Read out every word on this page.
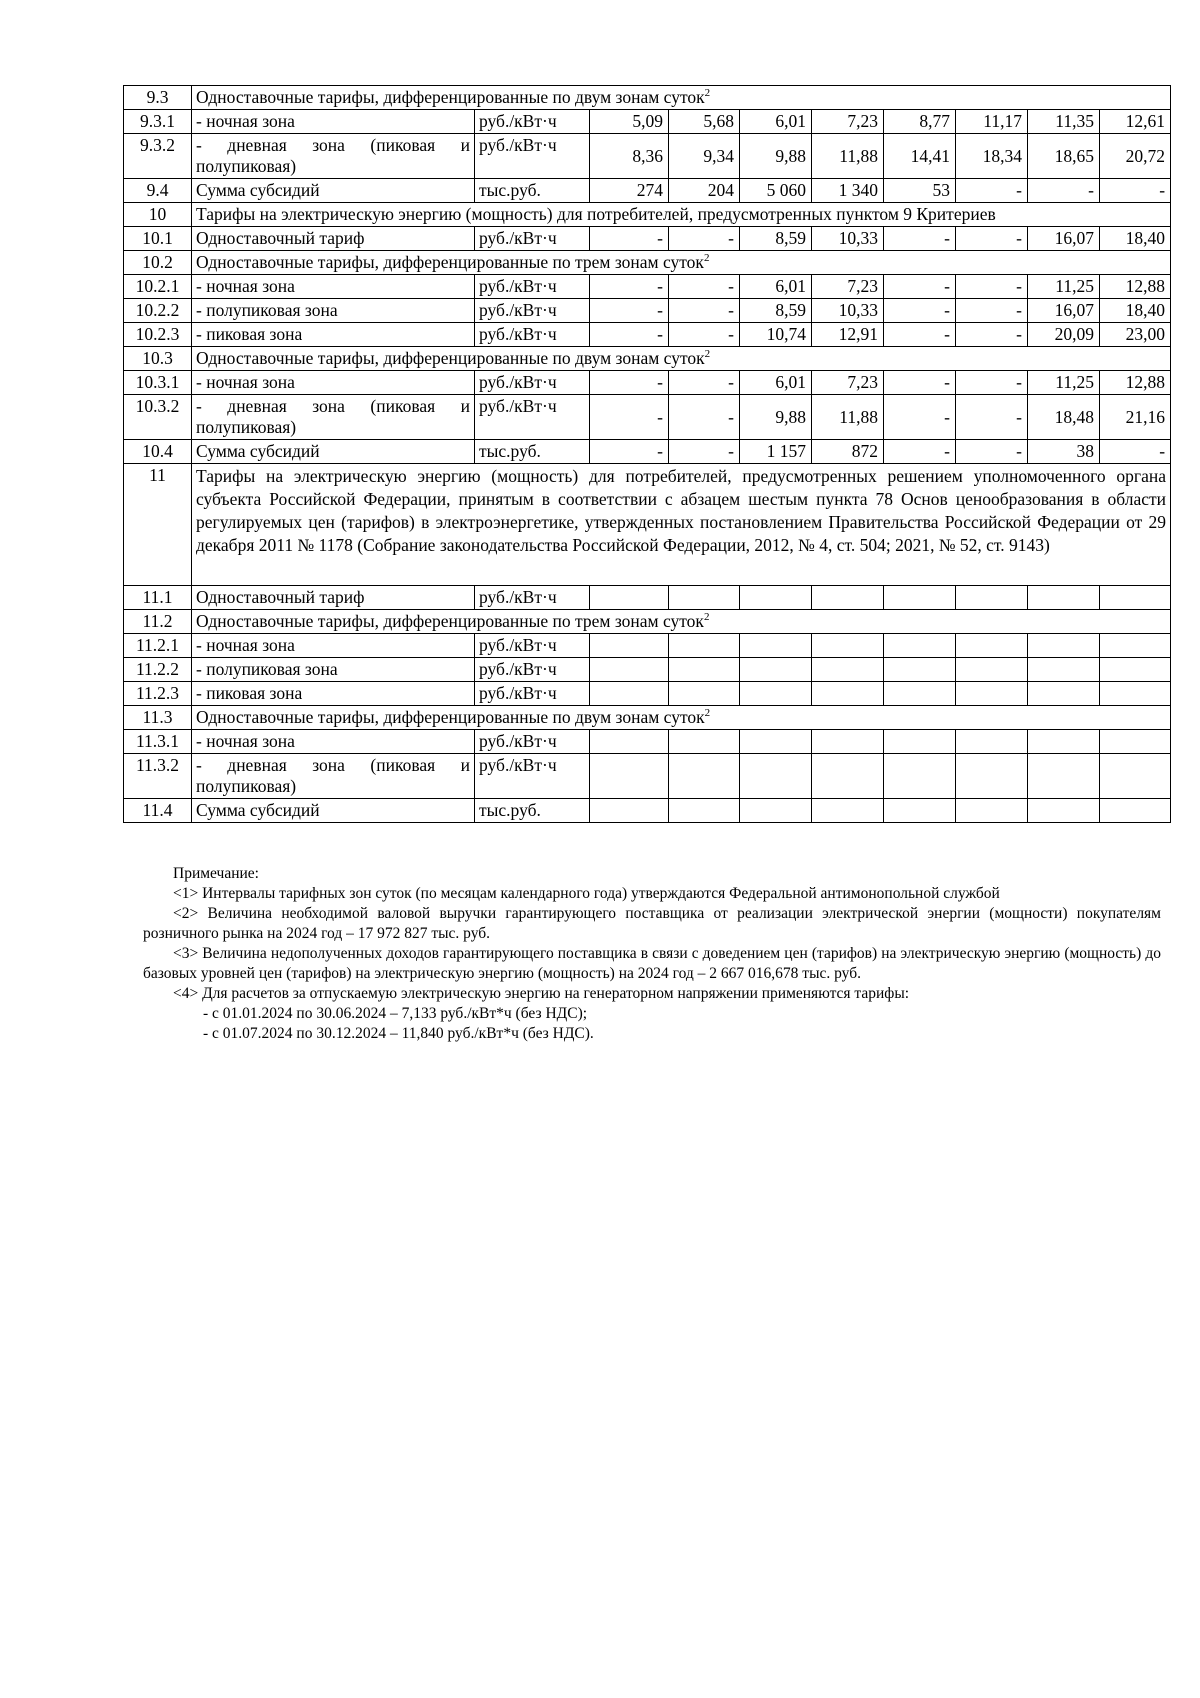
9.3	Одноставочные тарифы, дифференцированные по двум зонам суток$^2$
9.3.1	- ночная зона	руб./кВт·ч	5,09	5,68	6,01	7,23	8,77	11,17	11,35	12,61
9.3.2	- дневная зона (пиковая и полупиковая)	руб./кВт·ч	8,36	9,34	9,88	11,88	14,41	18,34	18,65	20,72
9.4	Сумма субсидий	тыс.руб.	274	204	5 060	1 340	53	-	-	-
10	Тарифы на электрическую энергию (мощность) для потребителей, предусмотренных пунктом 9 Критериев									
10.1	Одноставочный тариф	руб./кВт·ч	-	-	8,59	10,33	-	-	16,07	18,40
10.2	Одноставочные тарифы, дифференцированные по трем зонам суток$^2$
10.2.1	- ночная зона	руб./кВт·ч	-	-	6,01	7,23	-	-	11,25	12,88
10.2.2	- полупиковая зона	руб./кВт·ч	-	-	8,59	10,33	-	-	16,07	18,40
10.2.3	- пиковая зона	руб./кВт·ч	-	-	10,74	12,91	-	-	20,09	23,00
10.3	Одноставочные тарифы, дифференцированные по двум зонам суток$^2$
10.3.1	- ночная зона	руб./кВт·ч	-	-	6,01	7,23	-	-	11,25	12,88
10.3.2	- дневная зона (пиковая и полупиковая)	руб./кВт·ч	-	-	9,88	11,88	-	-	18,48	21,16
10.4	Сумма субсидий	тыс.руб.	-	-	1 157	872	-	-	38	-
11	Тарифы на электрическую энергию (мощность) для потребителей, предусмотренных решением уполномоченного органа субъекта Российской Федерации, принятым в соответствии с абзацем шестым пункта 78 Основ ценообразования в области регулируемых цен (тарифов) в электроэнергетике, утвержденных постановлением Правительства Российской Федерации от 29 декабря 2011 № 1178 (Собрание законодательства Российской Федерации, 2012, № 4, ст. 504; 2021, № 52, ст. 9143)									
11.1	Одноставочный тариф	руб./кВт·ч								
11.2	Одноставочные тарифы, дифференцированные по трем зонам суток$^2$
11.2.1	- ночная зона	руб./кВт·ч								
11.2.2	- полупиковая зона	руб./кВт·ч								
11.2.3	- пиковая зона	руб./кВт·ч								
11.3	Одноставочные тарифы, дифференцированные по двум зонам суток$^2$
11.3.1	- ночная зона	руб./кВт·ч								
11.3.2	- дневная зона (пиковая и полупиковая)	руб./кВт·ч								
11.4	Сумма субсидий	тыс.руб.								

Примечание:

<1> Интервалы тарифных зон суток (по месяцам календарного года) утверждаются Федеральной антимонопольной службой

<2> Величина необходимой валовой выручки гарантирующего поставщика от реализации электрической энергии (мощности) покупателям розничного рынка на 2024 год – 17 972 827 тыс. руб.

<3> Величина недополученных доходов гарантирующего поставщика в связи с доведением цен (тарифов) на электрическую энергию (мощность) до базовых уровней цен (тарифов) на электрическую энергию (мощность) на 2024 год – 2 667 016,678 тыс. руб.

<4> Для расчетов за отпускаемую электрическую энергию на генераторном напряжении применяются тарифы:

- с 01.01.2024 по 30.06.2024 – 7,133 руб./кВт*ч (без НДС);

- с 01.07.2024 по 30.12.2024 – 11,840 руб./кВт*ч (без НДС).
